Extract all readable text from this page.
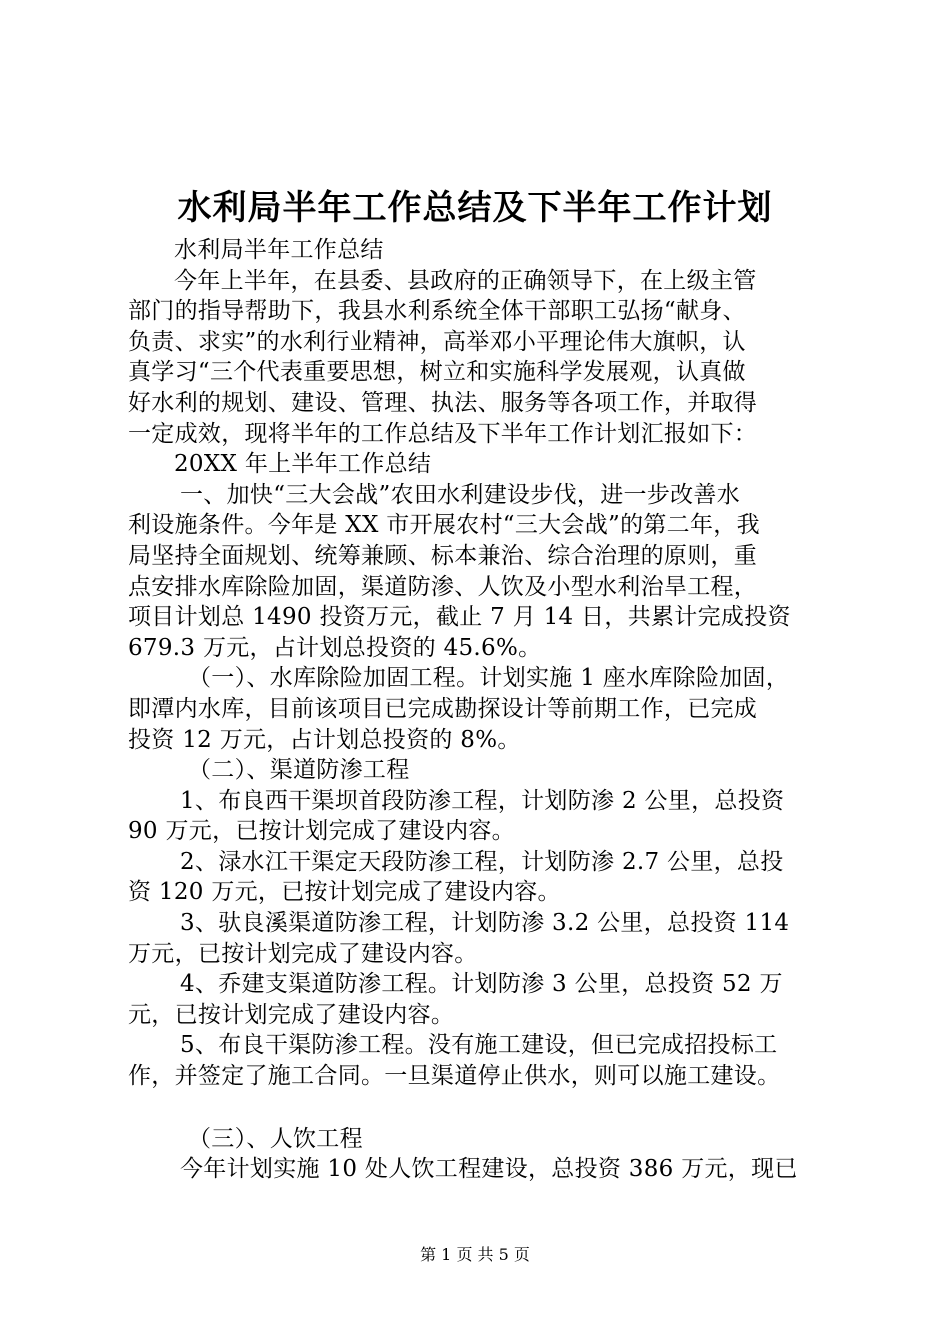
水利局半年工作总结及下半年工作计划
水利局半年工作总结
今年上半年，在县委、县政府的正确领导下，在上级主管
部门的指导帮助下，我县水利系统全体干部职工弘扬“献身、
负责、求实”的水利行业精神，高举邓小平理论伟大旗帜，认
真学习“三个代表重要思想，树立和实施科学发展观，认真做
好水利的规划、建设、管理、执法、服务等各项工作，并取得
一定成效，现将半年的工作总结及下半年工作计划汇报如下：
20XX 年上半年工作总结
一、加快“三大会战”农田水利建设步伐，进一步改善水
利设施条件。今年是 XX 市开展农村“三大会战”的第二年，我
局坚持全面规划、统筹兼顾、标本兼治、综合治理的原则，重
点安排水库除险加固，渠道防渗、人饮及小型水利治旱工程，
项目计划总 1490 投资万元，截止 7 月 14 日，共累计完成投资
679.3 万元，占计划总投资的 45.6%。
（一）、水库除险加固工程。计划实施 1 座水库除险加固，
即潭内水库，目前该项目已完成勘探设计等前期工作，已完成
投资 12 万元，占计划总投资的 8%。
（二）、渠道防渗工程
1、布良西干渠坝首段防渗工程，计划防渗 2 公里，总投资
90 万元，已按计划完成了建设内容。
2、渌水江干渠定天段防渗工程，计划防渗 2.7 公里，总投
资 120 万元，已按计划完成了建设内容。
3、驮良溪渠道防渗工程，计划防渗 3.2 公里，总投资 114
万元，已按计划完成了建设内容。
4、乔建支渠道防渗工程。计划防渗 3 公里，总投资 52 万
元，已按计划完成了建设内容。
5、布良干渠防渗工程。没有施工建设，但已完成招投标工
作，并签定了施工合同。一旦渠道停止供水，则可以施工建设。
（三）、人饮工程
今年计划实施 10 处人饮工程建设，总投资 386 万元，现已
第 1 页 共 5 页
